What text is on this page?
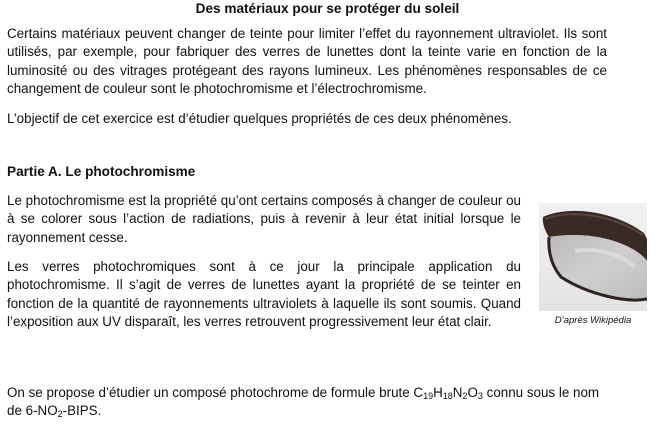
Des matériaux pour se protéger du soleil

Certains matériaux peuvent changer de teinte pour limiter l’effet du rayonnement ultraviolet. Ils sont utilisés, par exemple, pour fabriquer des verres de lunettes dont la teinte varie en fonction de la luminosité ou des vitrages protégeant des rayons lumineux. Les phénomènes responsables de ce changement de couleur sont le photochromisme et l’électrochromisme.

L’objectif de cet exercice est d’étudier quelques propriétés de ces deux phénomènes.

Partie A. Le photochromisme

Le photochromisme est la propriété qu’ont certains composés à changer de couleur ou à se colorer sous l’action de radiations, puis à revenir à leur état initial lorsque le rayonnement cesse.

Les verres photochromiques sont à ce jour la principale application du photochromisme. Il s’agit de verres de lunettes ayant la propriété de se teinter en fonction de la quantité de rayonnements ultraviolets à laquelle ils sont soumis. Quand l’exposition aux UV disparaît, les verres retrouvent progressivement leur état clair.	D’après Wikipédia

On se propose d’étudier un composé photochrome de formule brute $C_{19}H_{18}N_2O_3$ connu sous le nom de $6-NO_2$-BIPS.
